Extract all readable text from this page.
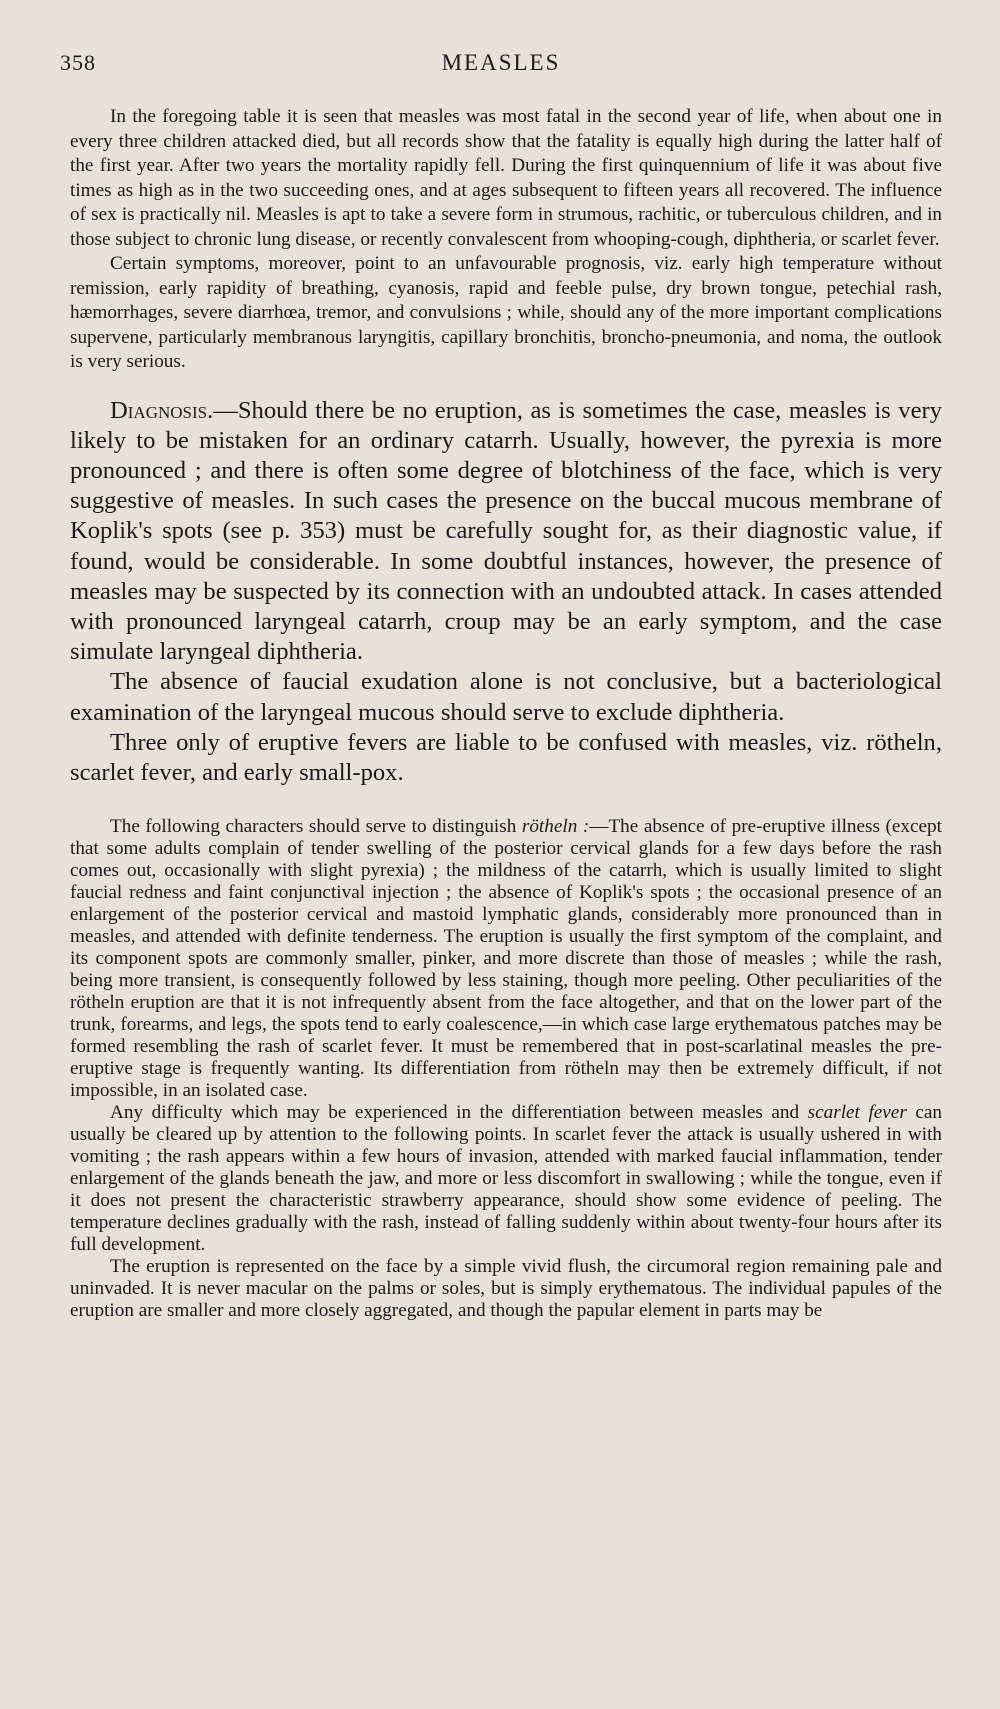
358	MEASLES

In the foregoing table it is seen that measles was most fatal in the second year of life, when about one in every three children attacked died, but all records show that the fatality is equally high during the latter half of the first year. After two years the mortality rapidly fell. During the first quinquennium of life it was about five times as high as in the two succeeding ones, and at ages subsequent to fifteen years all recovered. The influence of sex is practically nil. Measles is apt to take a severe form in strumous, rachitic, or tuberculous children, and in those subject to chronic lung disease, or recently convalescent from whooping-cough, diphtheria, or scarlet fever.

Certain symptoms, moreover, point to an unfavourable prognosis, viz. early high temperature without remission, early rapidity of breathing, cyanosis, rapid and feeble pulse, dry brown tongue, petechial rash, hæmorrhages, severe diarrhœa, tremor, and convulsions ; while, should any of the more important complications supervene, particularly membranous laryngitis, capillary bronchitis, broncho-pneumonia, and noma, the outlook is very serious.

Diagnosis.—Should there be no eruption, as is sometimes the case, measles is very likely to be mistaken for an ordinary catarrh. Usually, however, the pyrexia is more pronounced ; and there is often some degree of blotchiness of the face, which is very suggestive of measles. In such cases the presence on the buccal mucous membrane of Koplik's spots (see p. 353) must be carefully sought for, as their diagnostic value, if found, would be considerable. In some doubtful instances, however, the presence of measles may be suspected by its connection with an undoubted attack. In cases attended with pronounced laryngeal catarrh, croup may be an early symptom, and the case simulate laryngeal diphtheria.

The absence of faucial exudation alone is not conclusive, but a bacteriological examination of the laryngeal mucous should serve to exclude diphtheria.

Three only of eruptive fevers are liable to be confused with measles, viz. rötheln, scarlet fever, and early small-pox.

The following characters should serve to distinguish rötheln :—The absence of pre-eruptive illness (except that some adults complain of tender swelling of the posterior cervical glands for a few days before the rash comes out, occasionally with slight pyrexia) ; the mildness of the catarrh, which is usually limited to slight faucial redness and faint conjunctival injection ; the absence of Koplik's spots ; the occasional presence of an enlargement of the posterior cervical and mastoid lymphatic glands, considerably more pronounced than in measles, and attended with definite tenderness. The eruption is usually the first symptom of the complaint, and its component spots are commonly smaller, pinker, and more discrete than those of measles ; while the rash, being more transient, is consequently followed by less staining, though more peeling. Other peculiarities of the rötheln eruption are that it is not infrequently absent from the face altogether, and that on the lower part of the trunk, forearms, and legs, the spots tend to early coalescence,—in which case large erythematous patches may be formed resembling the rash of scarlet fever. It must be remembered that in post-scarlatinal measles the pre-eruptive stage is frequently wanting. Its differentiation from rötheln may then be extremely difficult, if not impossible, in an isolated case.

Any difficulty which may be experienced in the differentiation between measles and scarlet fever can usually be cleared up by attention to the following points. In scarlet fever the attack is usually ushered in with vomiting ; the rash appears within a few hours of invasion, attended with marked faucial inflammation, tender enlargement of the glands beneath the jaw, and more or less discomfort in swallowing ; while the tongue, even if it does not present the characteristic strawberry appearance, should show some evidence of peeling. The temperature declines gradually with the rash, instead of falling suddenly within about twenty-four hours after its full development.

The eruption is represented on the face by a simple vivid flush, the circumoral region remaining pale and uninvaded. It is never macular on the palms or soles, but is simply erythematous. The individual papules of the eruption are smaller and more closely aggregated, and though the papular element in parts may be
